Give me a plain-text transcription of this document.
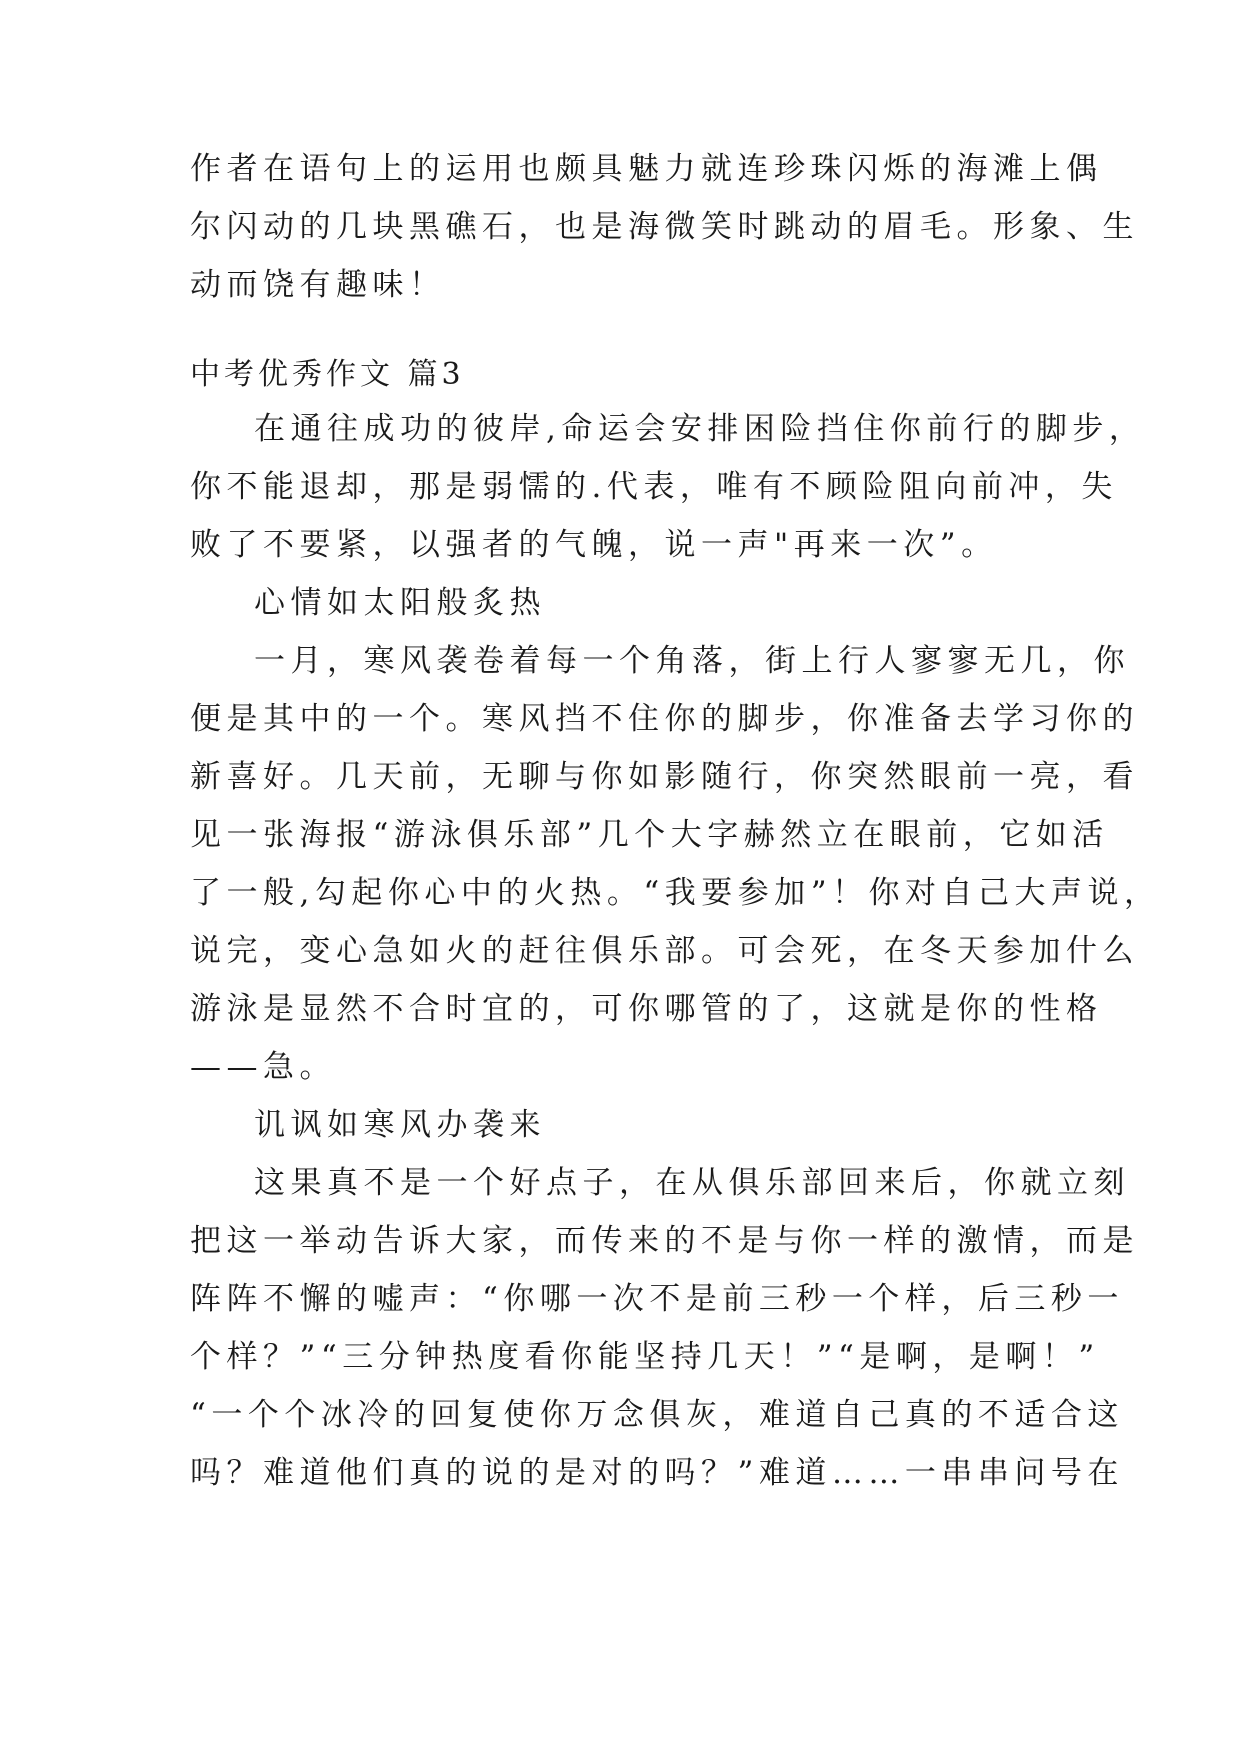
作者在语句上的运用也颇具魅力就连珍珠闪烁的海滩上偶
尔闪动的几块黑礁石，也是海微笑时跳动的眉毛。形象、生
动而饶有趣味！
中考优秀作文 篇3
在通往成功的彼岸,命运会安排困险挡住你前行的脚步，
你不能退却，那是弱懦的.代表，唯有不顾险阻向前冲，失
败了不要紧，以强者的气魄，说一声"再来一次”。
心情如太阳般炙热
一月，寒风袭卷着每一个角落，街上行人寥寥无几，你
便是其中的一个。寒风挡不住你的脚步，你准备去学习你的
新喜好。几天前，无聊与你如影随行，你突然眼前一亮，看
见一张海报“游泳俱乐部”几个大字赫然立在眼前，它如活
了一般,勾起你心中的火热。“我要参加”！你对自己大声说，
说完，变心急如火的赶往俱乐部。可会死，在冬天参加什么
游泳是显然不合时宜的，可你哪管的了，这就是你的性格
——急。
讥讽如寒风办袭来
这果真不是一个好点子，在从俱乐部回来后，你就立刻
把这一举动告诉大家，而传来的不是与你一样的激情，而是
阵阵不懈的嘘声：“你哪一次不是前三秒一个样，后三秒一
个样？”“三分钟热度看你能坚持几天！”“是啊，是啊！”
“一个个冰冷的回复使你万念俱灰，难道自己真的不适合这
吗？难道他们真的说的是对的吗？”难道……一串串问号在
